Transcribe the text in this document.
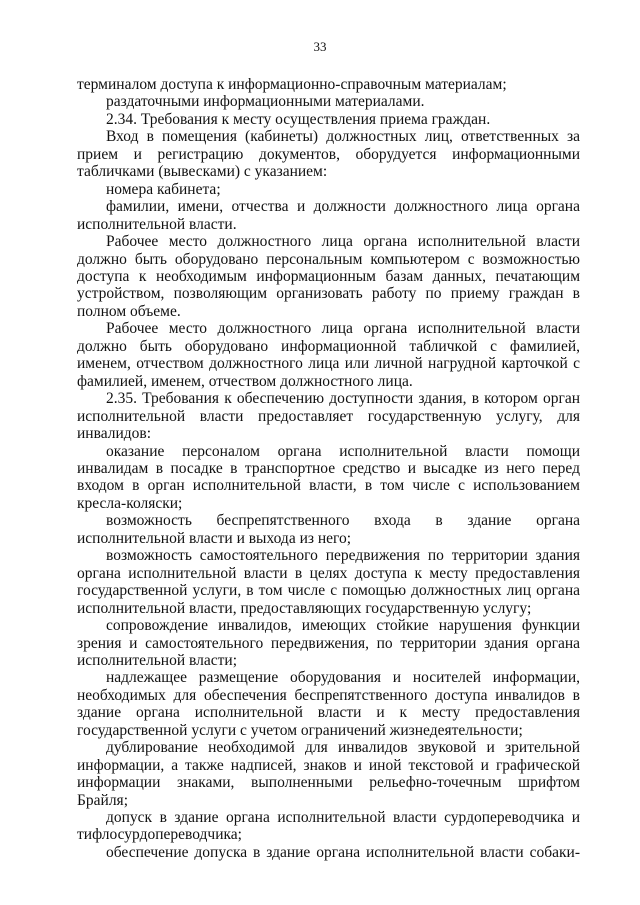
33

терминалом доступа к информационно-справочным материалам;

раздаточными информационными материалами.

2.34. Требования к месту осуществления приема граждан.

Вход в помещения (кабинеты) должностных лиц, ответственных за прием и регистрацию документов, оборудуется информационными табличками (вывесками) с указанием:

номера кабинета;

фамилии, имени, отчества и должности должностного лица органа исполнительной власти.

Рабочее место должностного лица органа исполнительной власти должно быть оборудовано персональным компьютером с возможностью доступа к необходимым информационным базам данных, печатающим устройством, позволяющим организовать работу по приему граждан в полном объеме.

Рабочее место должностного лица органа исполнительной власти должно быть оборудовано информационной табличкой с фамилией, именем, отчеством должностного лица или личной нагрудной карточкой с фамилией, именем, отчеством должностного лица.

2.35. Требования к обеспечению доступности здания, в котором орган исполнительной власти предоставляет государственную услугу, для инвалидов:

оказание персоналом органа исполнительной власти помощи инвалидам в посадке в транспортное средство и высадке из него перед входом в орган исполнительной власти, в том числе с использованием кресла-коляски;

возможность беспрепятственного входа в здание органа исполнительной власти и выхода из него;

возможность самостоятельного передвижения по территории здания органа исполнительной власти в целях доступа к месту предоставления государственной услуги, в том числе с помощью должностных лиц органа исполнительной власти, предоставляющих государственную услугу;

сопровождение инвалидов, имеющих стойкие нарушения функции зрения и самостоятельного передвижения, по территории здания органа исполнительной власти;

надлежащее размещение оборудования и носителей информации, необходимых для обеспечения беспрепятственного доступа инвалидов в здание органа исполнительной власти и к месту предоставления государственной услуги с учетом ограничений жизнедеятельности;

дублирование необходимой для инвалидов звуковой и зрительной информации, а также надписей, знаков и иной текстовой и графической информации знаками, выполненными рельефно-точечным шрифтом Брайля;

допуск в здание органа исполнительной власти сурдопереводчика и тифлосурдопереводчика;

обеспечение допуска в здание органа исполнительной власти собаки-
